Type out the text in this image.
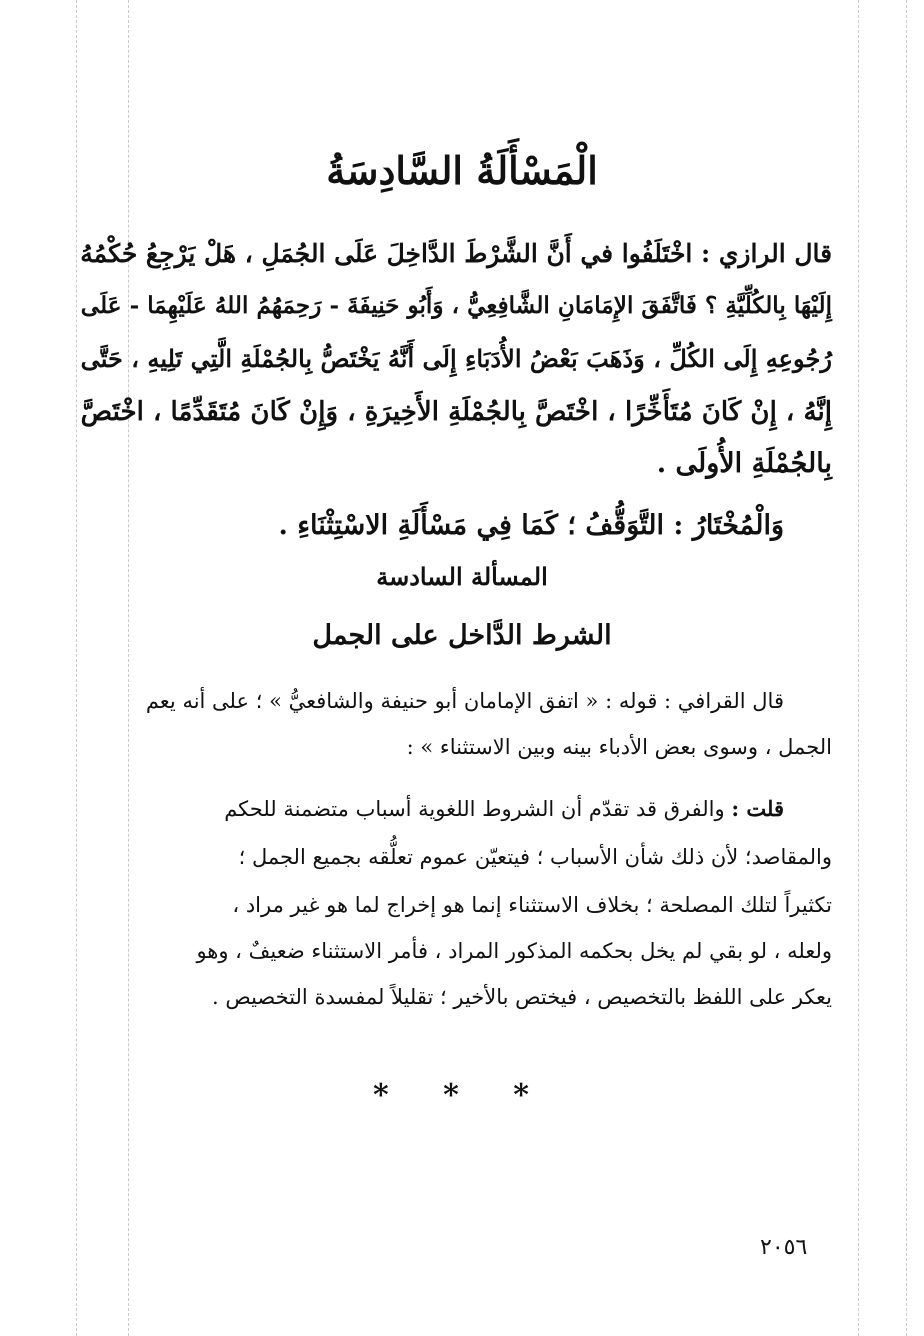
الْمَسْأَلَةُ السَّادِسَةُ
قال الرازي : اخْتَلَفُوا في أَنَّ الشَّرْطَ الدَّاخِلَ عَلَى الجُمَلِ ، هَلْ يَرْجِعُ حُكْمُهُ
إِلَيْهَا بِالكُلِّيَّةِ ؟ فَاتَّفَقَ الإِمَامَانِ الشَّافِعِيُّ ، وَأَبُو حَنِيفَةَ - رَحِمَهُمُ اللهُ عَلَيْهِمَا - عَلَى
رُجُوعِهِ إِلَى الكُلِّ ، وَذَهَبَ بَعْضُ الأُدَبَاءِ إِلَى أَنَّهُ يَخْتَصُّ بِالجُمْلَةِ الَّتِي تَلِيهِ ، حَتَّى
إِنَّهُ ، إِنْ كَانَ مُتَأَخِّرًا ، اخْتَصَّ بِالجُمْلَةِ الأَخِيرَةِ ، وَإِنْ كَانَ مُتَقَدِّمًا ، اخْتَصَّ
بِالجُمْلَةِ الأُولَى .
وَالْمُخْتَارُ : التَّوَقُّفُ ؛ كَمَا فِي مَسْأَلَةِ الاسْتِثْنَاءِ .
المسألة السادسة
الشرط الدَّاخل على الجمل
قال القرافي : قوله : « اتفق الإمامان أبو حنيفة والشافعيُّ » ؛ على أنه يعم
الجمل ، وسوى بعض الأدباء بينه وبين الاستثناء » :
قلت : والفرق قد تقدّم أن الشروط اللغوية أسباب متضمنة للحكم
والمقاصد؛ لأن ذلك شأن الأسباب ؛ فيتعيّن عموم تعلُّقه بجميع الجمل ؛
تكثيراً لتلك المصلحة ؛ بخلاف الاستثناء إنما هو إخراج لما هو غير مراد ،
ولعله ، لو بقي لم يخل بحكمه المذكور المراد ، فأمر الاستثناء ضعيفٌ ، وهو
يعكر على اللفظ بالتخصيص ، فيختص بالأخير ؛ تقليلاً لمفسدة التخصيص .
* * *
٢٠٥٦
